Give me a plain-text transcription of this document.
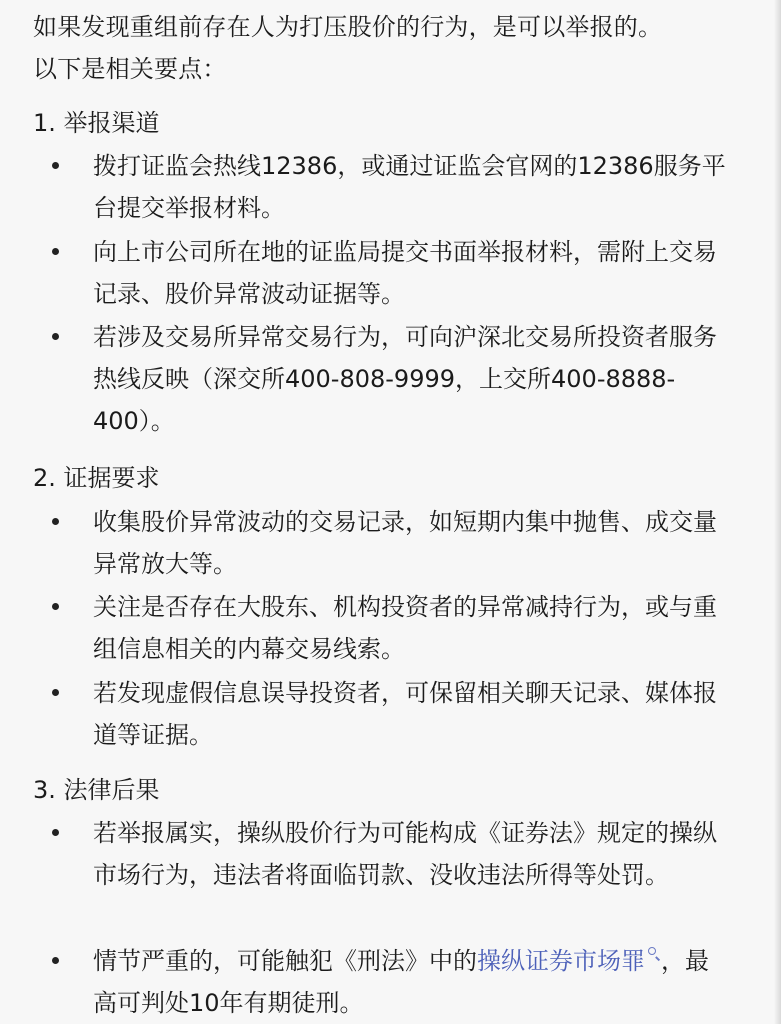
如果发现重组前存在人为打压股价的行为，是可以举报的。
以下是相关要点：
1. 举报渠道
拨打证监会热线12386，或通过证监会官网的12386服务平台提交举报材料。
向上市公司所在地的证监局提交书面举报材料，需附上交易记录、股价异常波动证据等。
若涉及交易所异常交易行为，可向沪深北交易所投资者服务热线反映（深交所400-808-9999，上交所400-8888-400）。
2. 证据要求
收集股价异常波动的交易记录，如短期内集中抛售、成交量异常放大等。
关注是否存在大股东、机构投资者的异常减持行为，或与重组信息相关的内幕交易线索。
若发现虚假信息误导投资者，可保留相关聊天记录、媒体报道等证据。
3. 法律后果
若举报属实，操纵股价行为可能构成《证券法》规定的操纵市场行为，违法者将面临罚款、没收违法所得等处罚。
情节严重的，可能触犯《刑法》中的操纵证券市场罪 ，最高可判处10年有期徒刑。
